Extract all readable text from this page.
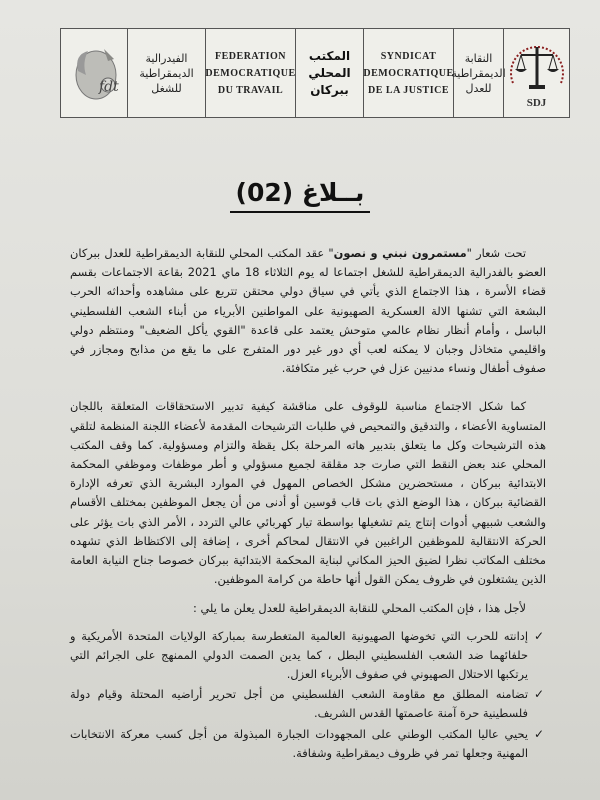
fdt
الفيدرالية الديمقراطية للشغل
FEDERATION DEMOCRATIQUE DU TRAVAIL
المكتب المحلي ببركان
SYNDICAT DEMOCRATIQUE DE LA JUSTICE
النقابة الديمقراطية للعدل
SDJ
بــلاغ (02)

تحت شعار "مستمرون نبني و نصون" عقد المكتب المحلي للنقابة الديمقراطية للعدل ببركان العضو بالفدرالية الديمقراطية للشغل اجتماعا له يوم الثلاثاء 18 ماي 2021 بقاعة الاجتماعات بقسم قضاء الأسرة ، هذا الاجتماع الذي يأتي في سياق دولي محتقن تتربع على مشاهده وأحداثه الحرب البشعة التي تشنها الالة العسكرية الصهيونية على المواطنين الأبرياء من أبناء الشعب الفلسطيني الباسل ، وأمام أنظار نظام عالمي متوحش يعتمد على قاعدة "القوي يأكل الضعيف" ومنتظم دولي واقليمي متخاذل وجبان لا يمكنه لعب أي دور غير دور المتفرج على ما يقع من مذابح ومجازر في صفوف أطفال ونساء مدنيين عزل في حرب غير متكافئة.

كما شكل الاجتماع مناسبة للوقوف على مناقشة كيفية تدبير الاستحقاقات المتعلقة باللجان المتساوية الأعضاء ، والتدقيق والتمحيص في طلبات الترشيحات المقدمة لأعضاء اللجنة المنظمة لتلقي هذه الترشيحات وكل ما يتعلق بتدبير هاته المرحلة بكل يقظة والتزام ومسؤولية. كما وقف المكتب المحلي عند بعض النقط التي صارت جد مقلقة لجميع مسؤولي و أطر موظفات وموظفي المحكمة الابتدائية ببركان ، مستحضرين مشكل الخصاص المهول في الموارد البشرية الذي تعرفه الإدارة القضائية ببركان ، هذا الوضع الذي بات قاب قوسين أو أدنى من أن يجعل الموظفين بمختلف الأقسام والشعب شبيهي أدوات إنتاج يتم تشغيلها بواسطة تيار كهربائي عالي التردد ، الأمر الذي بات يؤثر على الحركة الانتقالية للموظفين الراغبين في الانتقال لمحاكم أخرى ، إضافة إلى الاكتظاظ الذي تشهده مختلف المكاتب نظرا لضيق الحيز المكاني لبناية المحكمة الابتدائية ببركان خصوصا جناح النيابة العامة الذين يشتغلون في ظروف يمكن القول أنها حاطة من كرامة الموظفين.

لأجل هذا ، فإن المكتب المحلي للنقابة الديمقراطية للعدل يعلن ما يلي :

✓
إدانته للحرب التي تخوضها الصهيونية العالمية المتغطرسة بمباركة الولايات المتحدة الأمريكية و حلفائهما ضد الشعب الفلسطيني البطل ، كما يدين الصمت الدولي الممنهج على الجرائم التي يرتكبها الاحتلال الصهيوني في صفوف الأبرياء العزل.
✓
تضامنه المطلق مع مقاومة الشعب الفلسطيني من أجل تحرير أراضيه المحتلة وقيام دولة فلسطينية حرة آمنة عاصمتها القدس الشريف.
✓
يحيي عاليا المكتب الوطني على المجهودات الجبارة المبذولة من أجل كسب معركة الانتخابات المهنية وجعلها تمر في ظروف ديمقراطية وشفافة.
